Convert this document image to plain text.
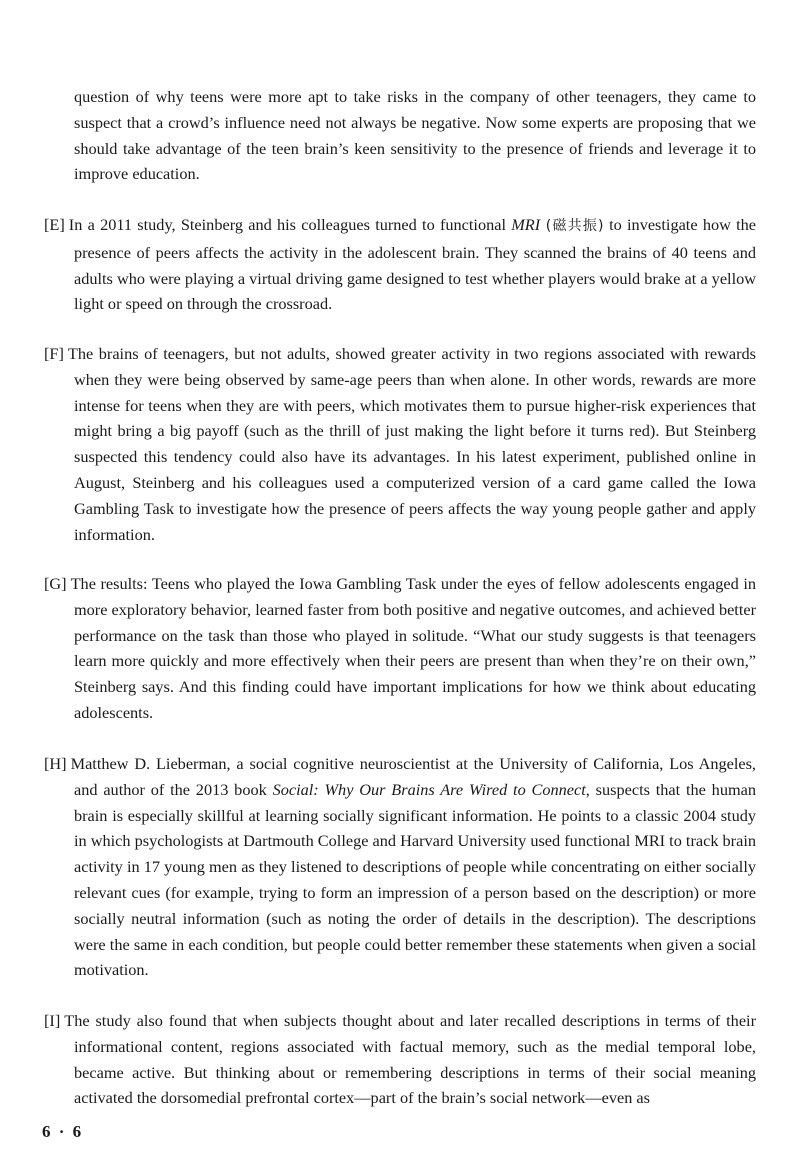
question of why teens were more apt to take risks in the company of other teenagers, they came to suspect that a crowd’s influence need not always be negative. Now some experts are proposing that we should take advantage of the teen brain’s keen sensitivity to the presence of friends and leverage it to improve education.

[E] In a 2011 study, Steinberg and his colleagues turned to functional MRI (磁共振) to investigate how the presence of peers affects the activity in the adolescent brain. They scanned the brains of 40 teens and adults who were playing a virtual driving game designed to test whether players would brake at a yellow light or speed on through the crossroad.

[F] The brains of teenagers, but not adults, showed greater activity in two regions associated with rewards when they were being observed by same-age peers than when alone. In other words, rewards are more intense for teens when they are with peers, which motivates them to pursue higher-risk experiences that might bring a big payoff (such as the thrill of just making the light before it turns red). But Steinberg suspected this tendency could also have its advantages. In his latest experiment, published online in August, Steinberg and his colleagues used a computerized version of a card game called the Iowa Gambling Task to investigate how the presence of peers affects the way young people gather and apply information.

[G] The results: Teens who played the Iowa Gambling Task under the eyes of fellow adolescents engaged in more exploratory behavior, learned faster from both positive and negative outcomes, and achieved better performance on the task than those who played in solitude. “What our study suggests is that teenagers learn more quickly and more effectively when their peers are present than when they’re on their own,” Steinberg says. And this finding could have important implications for how we think about educating adolescents.

[H] Matthew D. Lieberman, a social cognitive neuroscientist at the University of California, Los Angeles, and author of the 2013 book Social: Why Our Brains Are Wired to Connect, suspects that the human brain is especially skillful at learning socially significant information. He points to a classic 2004 study in which psychologists at Dartmouth College and Harvard University used functional MRI to track brain activity in 17 young men as they listened to descriptions of people while concentrating on either socially relevant cues (for example, trying to form an impression of a person based on the description) or more socially neutral information (such as noting the order of details in the description). The descriptions were the same in each condition, but people could better remember these statements when given a social motivation.

[I] The study also found that when subjects thought about and later recalled descriptions in terms of their informational content, regions associated with factual memory, such as the medial temporal lobe, became active. But thinking about or remembering descriptions in terms of their social meaning activated the dorsomedial prefrontal cortex—part of the brain’s social network—even as

6 · 6
